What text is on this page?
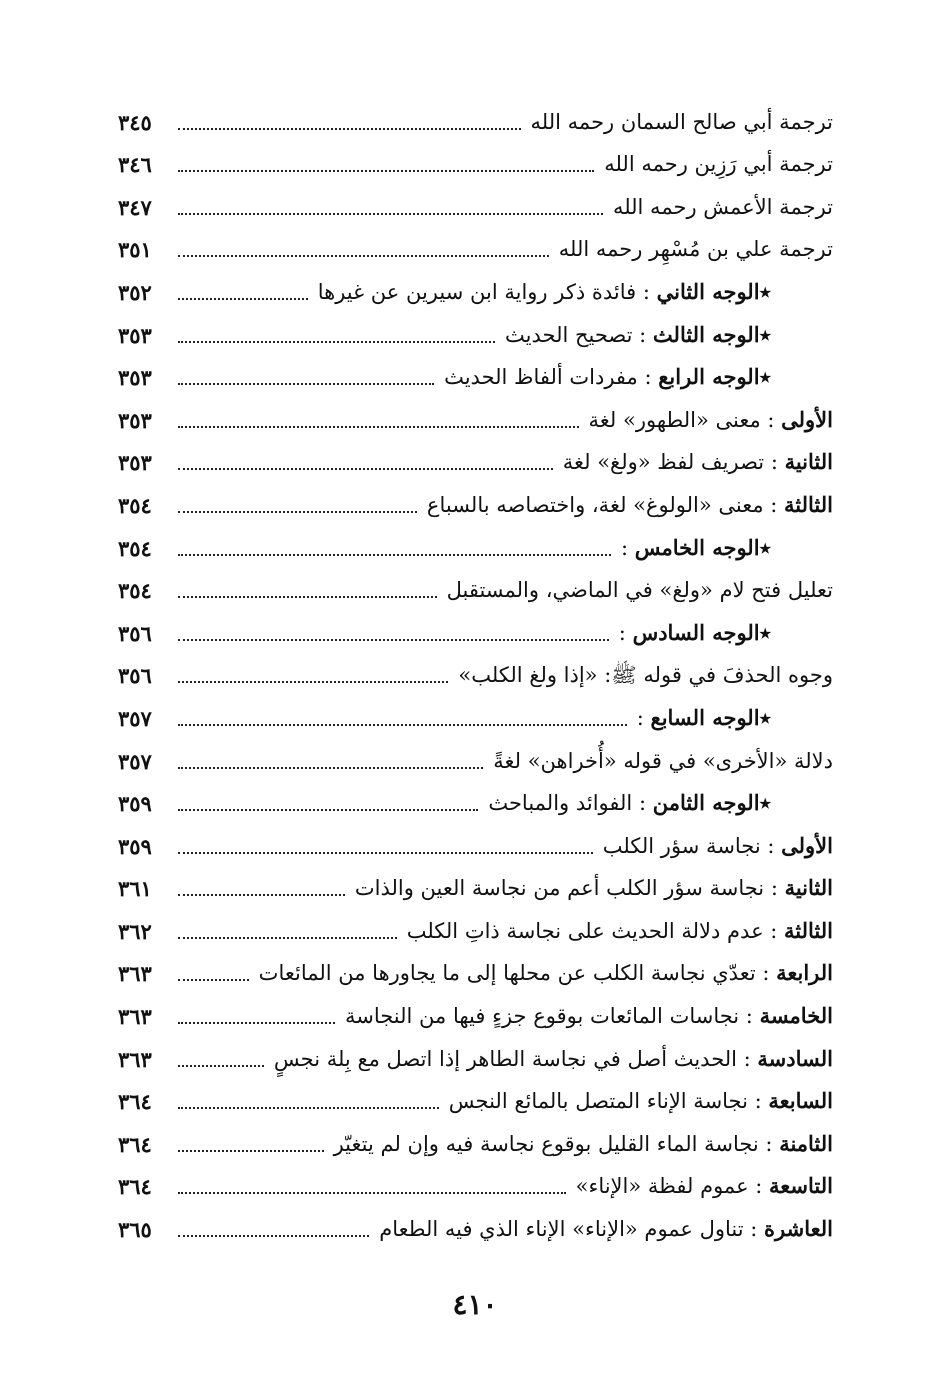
ترجمة أبي صالح السمان رحمه الله
٣٤٥
ترجمة أبي رَزِين رحمه الله
٣٤٦
ترجمة الأعمش رحمه الله
٣٤٧
ترجمة علي بن مُسْهِر رحمه الله
٣٥١
٭الوجه الثاني : فائدة ذكر رواية ابن سيرين عن غيرها
٣٥٢
٭الوجه الثالث : تصحيح الحديث
٣٥٣
٭الوجه الرابع : مفردات ألفاظ الحديث
٣٥٣
الأولى : معنى «الطهور» لغة
٣٥٣
الثانية : تصريف لفظ «ولغ» لغة
٣٥٣
الثالثة : معنى «الولوغ» لغة، واختصاصه بالسباع
٣٥٤
٭الوجه الخامس :
٣٥٤
تعليل فتح لام «ولغ» في الماضي، والمستقبل
٣٥٤
٭الوجه السادس :
٣٥٦
وجوه الحذفَ في قوله ﷺ: «إذا ولغ الكلب»
٣٥٦
٭الوجه السابع :
٣٥٧
دلالة «الأخرى» في قوله «أُخراهن» لغةً
٣٥٧
٭الوجه الثامن : الفوائد والمباحث
٣٥٩
الأولى : نجاسة سؤر الكلب
٣٥٩
الثانية : نجاسة سؤر الكلب أعم من نجاسة العين والذات
٣٦١
الثالثة : عدم دلالة الحديث على نجاسة ذاتِ الكلب
٣٦٢
الرابعة : تعدّي نجاسة الكلب عن محلها إلى ما يجاورها من المائعات
٣٦٣
الخامسة : نجاسات المائعات بوقوع جزءٍ فيها من النجاسة
٣٦٣
السادسة : الحديث أصل في نجاسة الطاهر إذا اتصل مع بِلة نجسٍ
٣٦٣
السابعة : نجاسة الإناء المتصل بالمائع النجس
٣٦٤
الثامنة : نجاسة الماء القليل بوقوع نجاسة فيه وإن لم يتغيّر
٣٦٤
التاسعة : عموم لفظة «الإناء»
٣٦٤
العاشرة : تناول عموم «الإناء» الإناء الذي فيه الطعام
٣٦٥
٤١٠
